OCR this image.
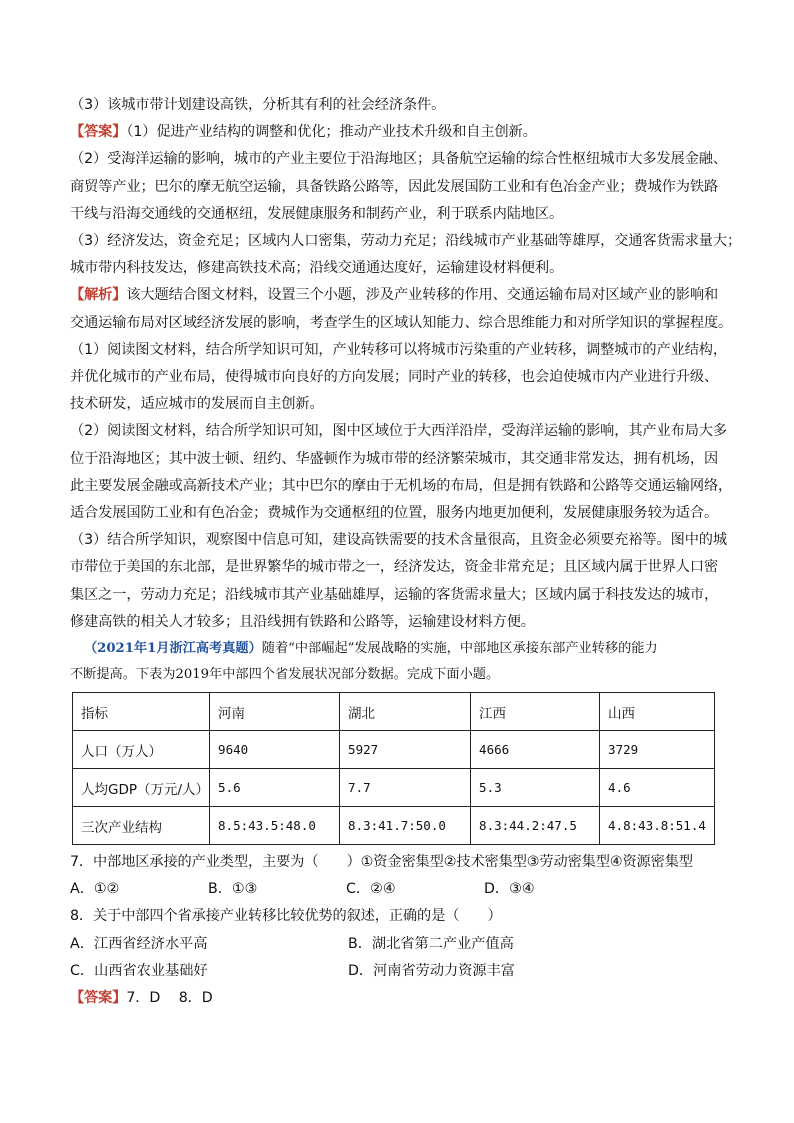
（3）该城市带计划建设高铁，分析其有利的社会经济条件。
【答案】（1）促进产业结构的调整和优化；推动产业技术升级和自主创新。
（2）受海洋运输的影响，城市的产业主要位于沿海地区；具备航空运输的综合性枢纽城市大多发展金融、
商贸等产业；巴尔的摩无航空运输，具备铁路公路等，因此发展国防工业和有色冶金产业；费城作为铁路
干线与沿海交通线的交通枢纽，发展健康服务和制药产业，利于联系内陆地区。
（3）经济发达，资金充足；区域内人口密集，劳动力充足；沿线城市产业基础等雄厚，交通客货需求量大；
城市带内科技发达，修建高铁技术高；沿线交通通达度好，运输建设材料便利。
【解析】该大题结合图文材料，设置三个小题，涉及产业转移的作用、交通运输布局对区域产业的影响和
交通运输布局对区域经济发展的影响，考查学生的区域认知能力、综合思维能力和对所学知识的掌握程度。
（1）阅读图文材料，结合所学知识可知，产业转移可以将城市污染重的产业转移，调整城市的产业结构，
并优化城市的产业布局，使得城市向良好的方向发展；同时产业的转移，也会迫使城市内产业进行升级、
技术研发，适应城市的发展而自主创新。
（2）阅读图文材料，结合所学知识可知，图中区域位于大西洋沿岸，受海洋运输的影响，其产业布局大多
位于沿海地区；其中波士顿、纽约、华盛顿作为城市带的经济繁荣城市，其交通非常发达，拥有机场，因
此主要发展金融或高新技术产业；其中巴尔的摩由于无机场的布局，但是拥有铁路和公路等交通运输网络，
适合发展国防工业和有色冶金；费城作为交通枢纽的位置，服务内地更加便利，发展健康服务较为适合。
（3）结合所学知识，观察图中信息可知，建设高铁需要的技术含量很高，且资金必须要充裕等。图中的城
市带位于美国的东北部，是世界繁华的城市带之一，经济发达，资金非常充足；且区域内属于世界人口密
集区之一，劳动力充足；沿线城市其产业基础雄厚，运输的客货需求量大；区域内属于科技发达的城市，
修建高铁的相关人才较多；且沿线拥有铁路和公路等，运输建设材料方便。
（2021年1月浙江高考真题）随着“中部崛起”发展战略的实施，中部地区承接东部产业转移的能力
不断提高。下表为2019年中部四个省发展状况部分数据。完成下面小题。
指标	河南	湖北	江西	山西
人口（万人）	9640	5927	4666	3729
人均GDP（万元/人）	5.6	7.7	5.3	4.6
三次产业结构	8.5:43.5:48.0	8.3:41.7:50.0	8.3:44.2:47.5	4.8:43.8:51.4
7．中部地区承接的产业类型，主要为（　　）①资金密集型②技术密集型③劳动密集型④资源密集型
A．①②	B．①③	C．②④	D．③④
8．关于中部四个省承接产业转移比较优势的叙述，正确的是（　　）
A．江西省经济水平高	B．湖北省第二产业产值高
C．山西省农业基础好	D．河南省劳动力资源丰富
【答案】7．D　 8．D
